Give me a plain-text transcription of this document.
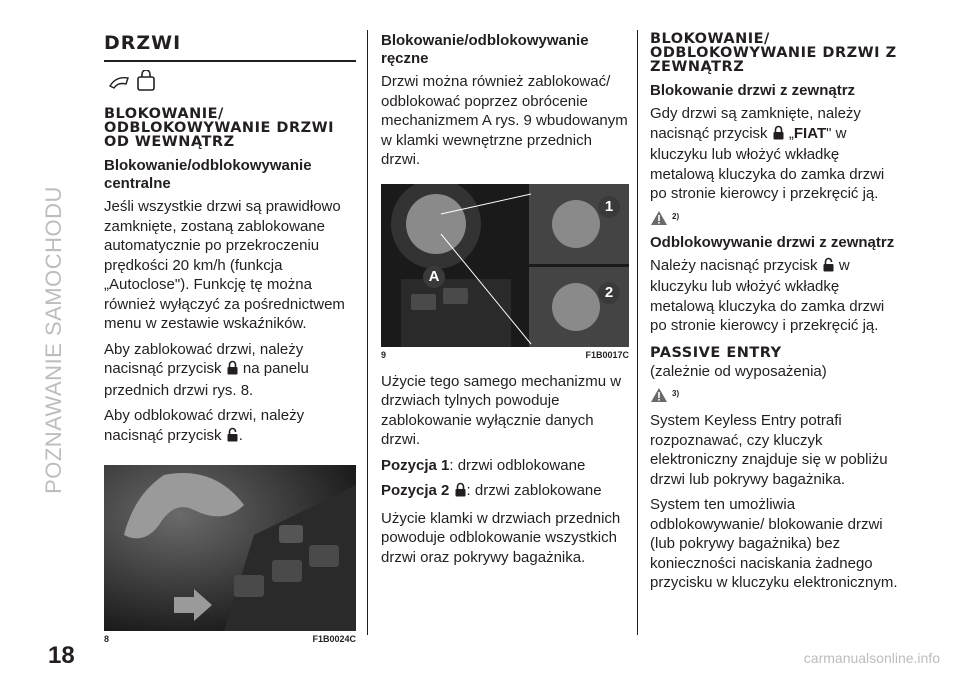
POZNAWANIE SAMOCHODU
18	carmanualsonline.info
DRZWI
BLOKOWANIE/ ODBLOKOWYWANIE DRZWI OD WEWNĄTRZ
Blokowanie/odblokowywanie centralne

Jeśli wszystkie drzwi są prawidłowo zamknięte, zostaną zablokowane automatycznie po przekroczeniu prędkości 20 km/h (funkcja „Autoclose"). Funkcję tę można również wyłączyć za pośrednictwem menu w zestawie wskaźników.

Aby zablokować drzwi, należy nacisnąć przycisk na panelu przednich drzwi rys. 8.

Aby odblokować drzwi, należy nacisnąć przycisk .

8	F1B0024C
Blokowanie/odblokowywanie ręczne

Drzwi można również zablokować/ odblokować poprzez obrócenie mechanizmem A rys. 9 wbudowanym w klamki wewnętrzne przednich drzwi.

A
1
2
9	F1B0017C

Użycie tego samego mechanizmu w drzwiach tylnych powoduje zablokowanie wyłącznie danych drzwi.

Pozycja 1: drzwi odblokowane

Pozycja 2 : drzwi zablokowane

Użycie klamki w drzwiach przednich powoduje odblokowanie wszystkich drzwi oraz pokrywy bagażnika.

BLOKOWANIE/ ODBLOKOWYWANIE DRZWI Z ZEWNĄTRZ
Blokowanie drzwi z zewnątrz

Gdy drzwi są zamknięte, należy nacisnąć przycisk „FIAT" w kluczyku lub włożyć wkładkę metalową kluczyka do zamka drzwi po stronie kierowcy i przekręcić ją.

2)
Odblokowywanie drzwi z zewnątrz

Należy nacisnąć przycisk w kluczyku lub włożyć wkładkę metalową kluczyka do zamka drzwi po stronie kierowcy i przekręcić ją.

PASSIVE ENTRY

(zależnie od wyposażenia)

3)

System Keyless Entry potrafi rozpoznawać, czy kluczyk elektroniczny znajduje się w pobliżu drzwi lub pokrywy bagażnika.

System ten umożliwia odblokowywanie/ blokowanie drzwi (lub pokrywy bagażnika) bez konieczności naciskania żadnego przycisku w kluczyku elektronicznym.
